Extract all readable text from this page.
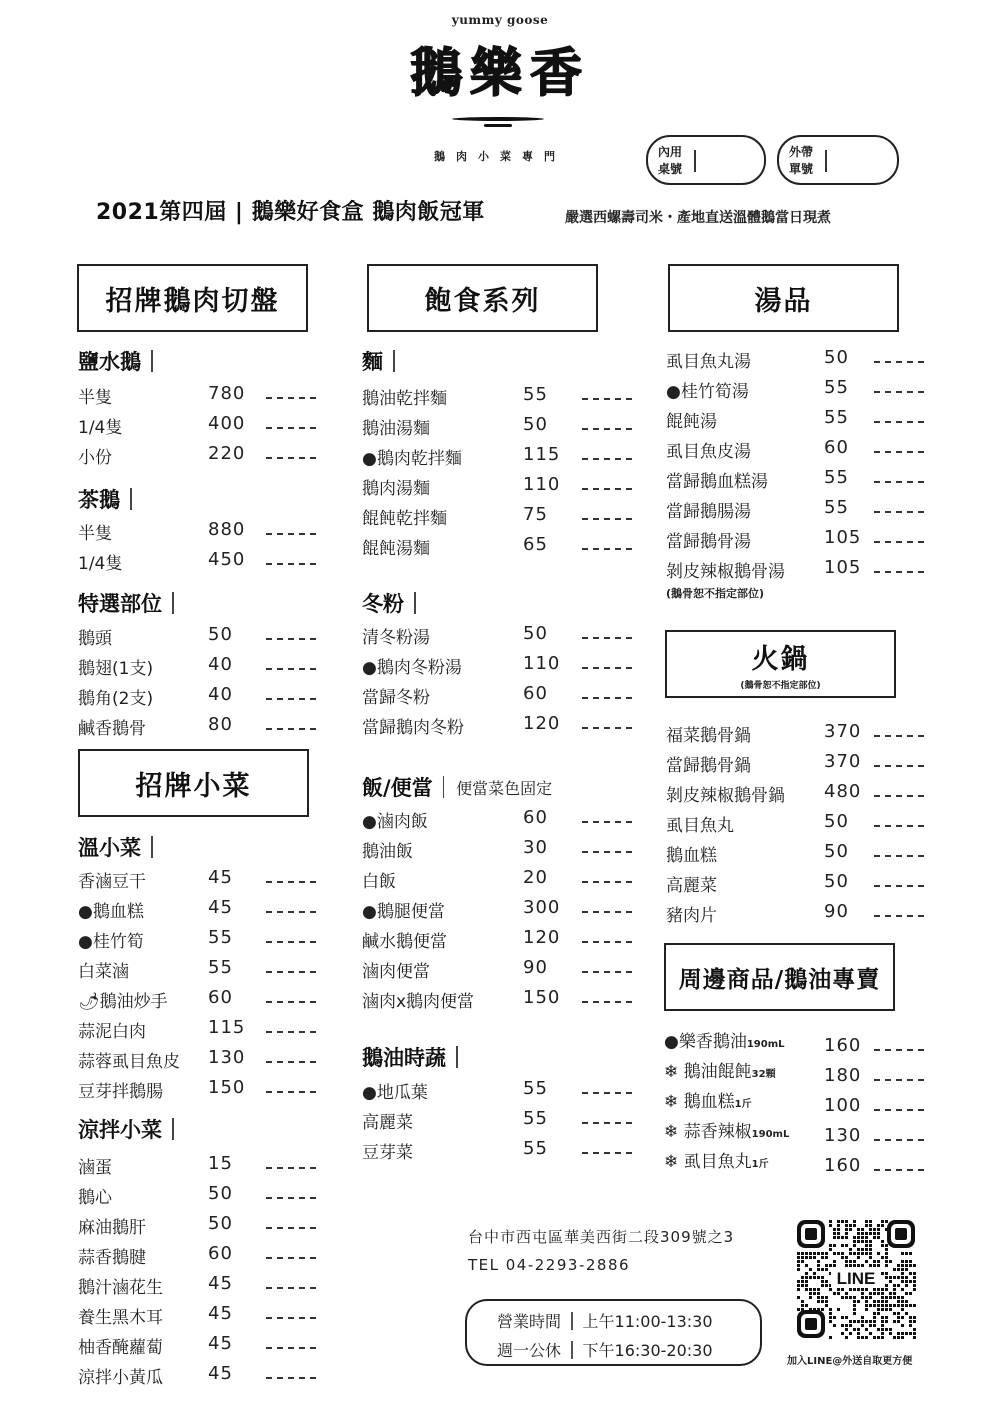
yummy goose
鵝樂香
鵝肉小菜專門	內用
桌號
外帶
單號
2021第四屆 | 鵝樂好食盒 鵝肉飯冠軍	嚴選西螺壽司米・產地直送溫體鵝當日現煮
招牌鵝肉切盤
鹽水鵝
茶鵝
特選部位
招牌小菜
溫小菜
涼拌小菜
飽食系列
麵
冬粉
飯/便當 便當菜色固定
鵝油時蔬
湯品
(鵝骨恕不指定部位)
火鍋
(鵝骨恕不指定部位)
周邊商品/鵝油專賣
半隻	780
1/4隻	400
小份	220
半隻	880
1/4隻	450
鵝頭	50
鵝翅(1支)	40
鵝角(2支)	40
鹹香鵝骨	80
香滷豆干	45
●鵝血糕	45
●桂竹筍	55
白菜滷	55
🌶鵝油炒手 60
蒜泥白肉	115
蒜蓉虱目魚皮 130
豆芽拌鵝腸	150
滷蛋	15
鵝心	50
麻油鵝肝	50
蒜香鵝腱	60
鵝汁滷花生	45
養生黑木耳	45
柚香醃蘿蔔	45
涼拌小黃瓜	45
鵝油乾拌麵	55
鵝油湯麵	50
●鵝肉乾拌麵	115
鵝肉湯麵	110
餛飩乾拌麵	75
餛飩湯麵	65
清冬粉湯	50
●鵝肉冬粉湯	110
當歸冬粉	60
當歸鵝肉冬粉	120
●滷肉飯	60
鵝油飯	30
白飯	20
●鵝腿便當	300
鹹水鵝便當	120
滷肉便當	90
滷肉x鵝肉便當	150
●地瓜葉	55
高麗菜	55
豆芽菜	55
虱目魚丸湯	50
●桂竹筍湯	55
餛飩湯	55
虱目魚皮湯	60
當歸鵝血糕湯	55
當歸鵝腸湯	55
當歸鵝骨湯	105
剝皮辣椒鵝骨湯 105
福菜鵝骨鍋	370
當歸鵝骨鍋	370
剝皮辣椒鵝骨鍋 480
虱目魚丸	50
鵝血糕	50
高麗菜	50
豬肉片	90
●樂香鵝油190mL 160
❄ 鵝油餛飩32顆	180
❄ 鵝血糕1斤	100
❄ 蒜香辣椒190mL 130
❄ 虱目魚丸1斤	160
台中市西屯區華美西街二段309號之3
TEL 04-2293-2886
營業時間 上午11:00-13:30
週一公休 下午16:30-20:30
LINE
加入LINE@外送自取更方便
